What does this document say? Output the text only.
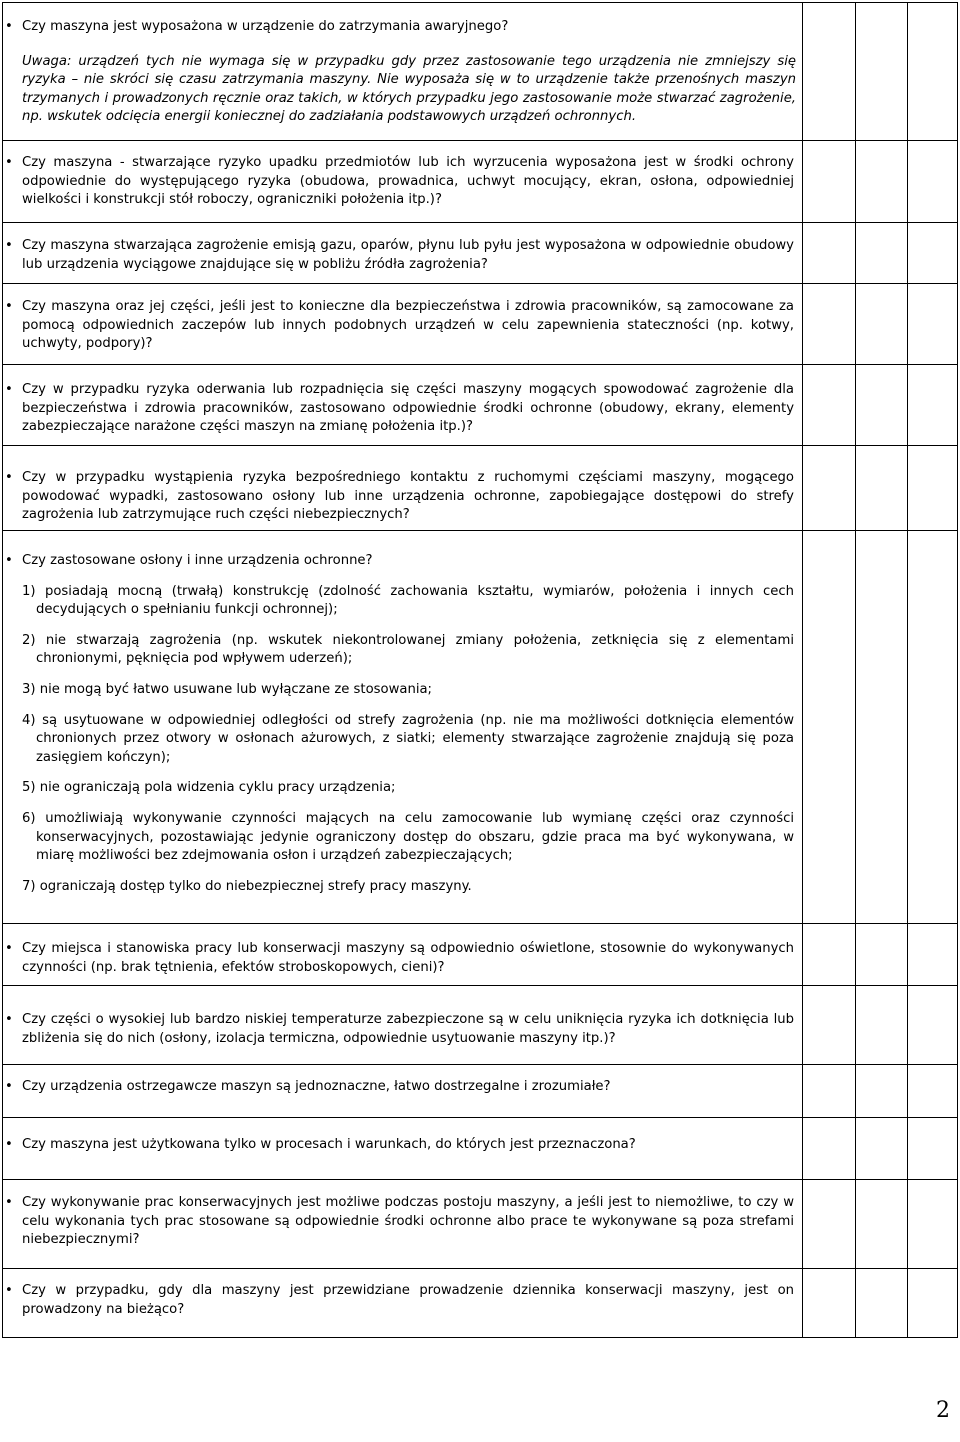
• Czy maszyna jest wyposażona w urządzenie do zatrzymania awaryjnego?

Uwaga: urządzeń tych nie wymaga się w przypadku gdy przez zastosowanie tego urządzenia nie zmniejszy się ryzyka – nie skróci się czasu zatrzymania maszyny. Nie wyposaża się w to urządzenie także przenośnych maszyn trzymanych i prowadzonych ręcznie oraz takich, w których przypadku jego zastosowanie może stwarzać zagrożenie, np. wskutek odcięcia energii koniecznej do zadziałania podstawowych urządzeń ochronnych.

• Czy maszyna - stwarzające ryzyko upadku przedmiotów lub ich wyrzucenia wyposażona jest w środki ochrony odpowiednie do występującego ryzyka (obudowa, prowadnica, uchwyt mocujący, ekran, osłona, odpowiedniej wielkości i konstrukcji stół roboczy, ograniczniki położenia itp.)?

• Czy maszyna stwarzająca zagrożenie emisją gazu, oparów, płynu lub pyłu jest wyposażona w odpowiednie obudowy lub urządzenia wyciągowe znajdujące się w pobliżu źródła zagrożenia?

• Czy maszyna oraz jej części, jeśli jest to konieczne dla bezpieczeństwa i zdrowia pracowników, są zamocowane za pomocą odpowiednich zaczepów lub innych podobnych urządzeń w celu zapewnienia stateczności (np. kotwy, uchwyty, podpory)?

• Czy w przypadku ryzyka oderwania lub rozpadnięcia się części maszyny mogących spowodować zagrożenie dla bezpieczeństwa i zdrowia pracowników, zastosowano odpowiednie środki ochronne (obudowy, ekrany, elementy zabezpieczające narażone części maszyn na zmianę położenia itp.)?

• Czy w przypadku wystąpienia ryzyka bezpośredniego kontaktu z ruchomymi częściami maszyny, mogącego powodować wypadki, zastosowano osłony lub inne urządzenia ochronne, zapobiegające dostępowi do strefy zagrożenia lub zatrzymujące ruch części niebezpiecznych?

• Czy zastosowane osłony i inne urządzenia ochronne?

1) posiadają mocną (trwałą) konstrukcję (zdolność zachowania kształtu, wymiarów, położenia i innych cech decydujących o spełnianiu funkcji ochronnej);

2) nie stwarzają zagrożenia (np. wskutek niekontrolowanej zmiany położenia, zetknięcia się z elementami chronionymi, pęknięcia pod wpływem uderzeń);

3) nie mogą być łatwo usuwane lub wyłączane ze stosowania;

4) są usytuowane w odpowiedniej odległości od strefy zagrożenia (np. nie ma możliwości dotknięcia elementów chronionych przez otwory w osłonach ażurowych, z siatki; elementy stwarzające zagrożenie znajdują się poza zasięgiem kończyn);

5) nie ograniczają pola widzenia cyklu pracy urządzenia;

6) umożliwiają wykonywanie czynności mających na celu zamocowanie lub wymianę części oraz czynności konserwacyjnych, pozostawiając jedynie ograniczony dostęp do obszaru, gdzie praca ma być wykonywana, w miarę możliwości bez zdejmowania osłon i urządzeń zabezpieczających;

7) ograniczają dostęp tylko do niebezpiecznej strefy pracy maszyny.

• Czy miejsca i stanowiska pracy lub konserwacji maszyny są odpowiednio oświetlone, stosownie do wykonywanych czynności (np. brak tętnienia, efektów stroboskopowych, cieni)?

• Czy części o wysokiej lub bardzo niskiej temperaturze zabezpieczone są w celu uniknięcia ryzyka ich dotknięcia lub zbliżenia się do nich (osłony, izolacja termiczna, odpowiednie usytuowanie maszyny itp.)?

• Czy urządzenia ostrzegawcze maszyn są jednoznaczne, łatwo dostrzegalne i zrozumiałe?

• Czy maszyna jest użytkowana tylko w procesach i warunkach, do których jest przeznaczona?

• Czy wykonywanie prac konserwacyjnych jest możliwe podczas postoju maszyny, a jeśli jest to niemożliwe, to czy w celu wykonania tych prac stosowane są odpowiednie środki ochronne albo prace te wykonywane są poza strefami niebezpiecznymi?

• Czy w przypadku, gdy dla maszyny jest przewidziane prowadzenie dziennika konserwacji maszyny, jest on prowadzony na bieżąco?

2
